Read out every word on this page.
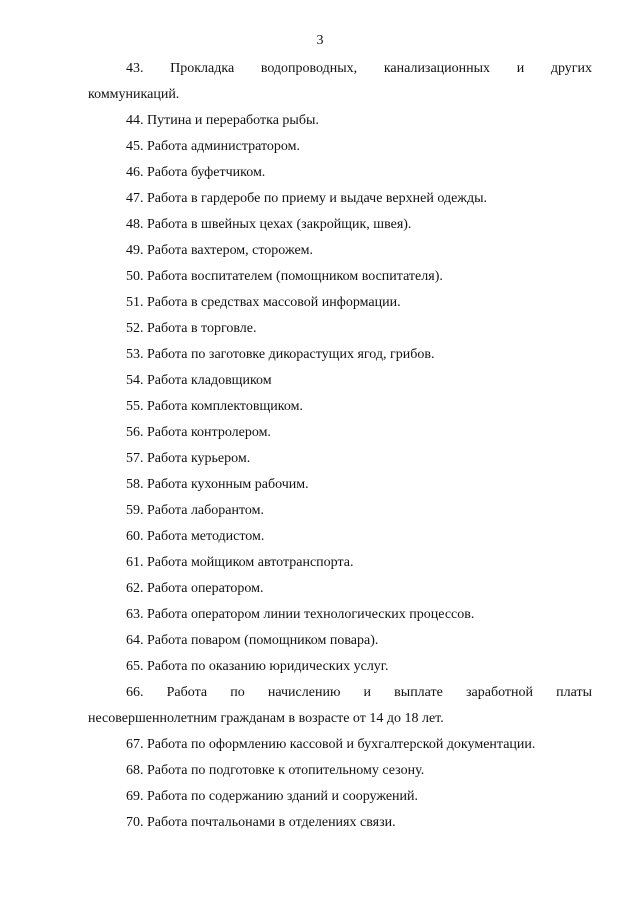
3

43.   Прокладка   водопроводных,   канализационных   и   других
коммуникаций.

44. Путина и переработка рыбы.

45. Работа администратором.

46. Работа буфетчиком.

47. Работа в гардеробе по приему и выдаче верхней одежды.

48. Работа в швейных цехах (закройщик, швея).

49. Работа вахтером, сторожем.

50. Работа воспитателем (помощником воспитателя).

51. Работа в средствах массовой информации.

52. Работа в торговле.

53. Работа по заготовке дикорастущих ягод, грибов.

54. Работа кладовщиком

55. Работа комплектовщиком.

56. Работа контролером.

57. Работа курьером.

58. Работа кухонным рабочим.

59. Работа лаборантом.

60. Работа методистом.

61. Работа мойщиком автотранспорта.

62. Работа оператором.

63. Работа оператором линии технологических процессов.

64. Работа поваром (помощником повара).

65. Работа по оказанию юридических услуг.

66.    Работа    по    начислению    и    выплате    заработной    платы
несовершеннолетним гражданам в возрасте от 14 до 18 лет.

67. Работа по оформлению кассовой и бухгалтерской документации.

68. Работа по подготовке к отопительному сезону.

69. Работа по содержанию зданий и сооружений.

70. Работа почтальонами в отделениях связи.
